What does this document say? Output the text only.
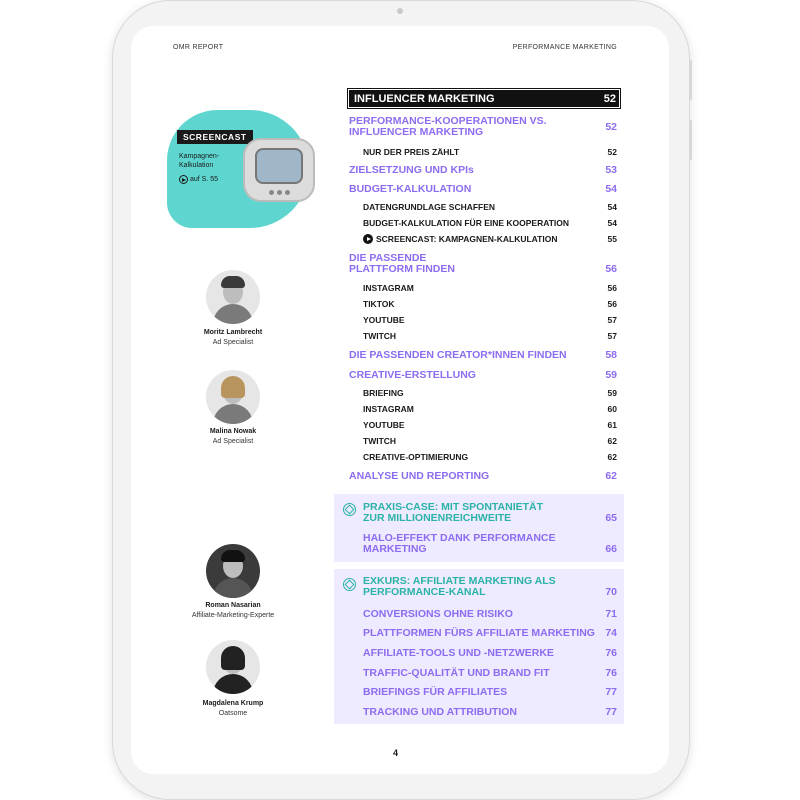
OMR REPORT	PERFORMANCE MARKETING
SCREENCAST
Kampagnen-
Kalkulation
auf S. 55
Moritz Lambrecht
Ad Specialist
Malina Nowak
Ad Specialist
Roman Nasarian
Affiliate-Marketing-Experte
Magdalena Krump
Oatsome
INFLUENCER MARKETING	52
PERFORMANCE-KOOPERATIONEN VS.
INFLUENCER MARKETING	52
NUR DER PREIS ZÄHLT	52
ZIELSETZUNG UND KPIs	53
BUDGET-KALKULATION	54
DATENGRUNDLAGE SCHAFFEN	54
BUDGET-KALKULATION FÜR EINE KOOPERATION	54
SCREENCAST: KAMPAGNEN-KALKULATION	55
DIE PASSENDE
PLATTFORM FINDEN	56
INSTAGRAM	56
TIKTOK	56
YOUTUBE	57
TWITCH	57
DIE PASSENDEN CREATOR*INNEN FINDEN	58
CREATIVE-ERSTELLUNG	59
BRIEFING	59
INSTAGRAM	60
YOUTUBE	61
TWITCH	62
CREATIVE-OPTIMIERUNG	62
ANALYSE UND REPORTING	62
PRAXIS-CASE: MIT SPONTANIETÄT
ZUR MILLIONENREICHWEITE	65
HALO-EFFEKT DANK PERFORMANCE
MARKETING	66
EXKURS: AFFILIATE MARKETING ALS
PERFORMANCE-KANAL	70
CONVERSIONS OHNE RISIKO	71
PLATTFORMEN FÜRS AFFILIATE MARKETING 74
AFFILIATE-TOOLS UND -NETZWERKE	76
TRAFFIC-QUALITÄT UND BRAND FIT	76
BRIEFINGS FÜR AFFILIATES	77
TRACKING UND ATTRIBUTION	77
4
